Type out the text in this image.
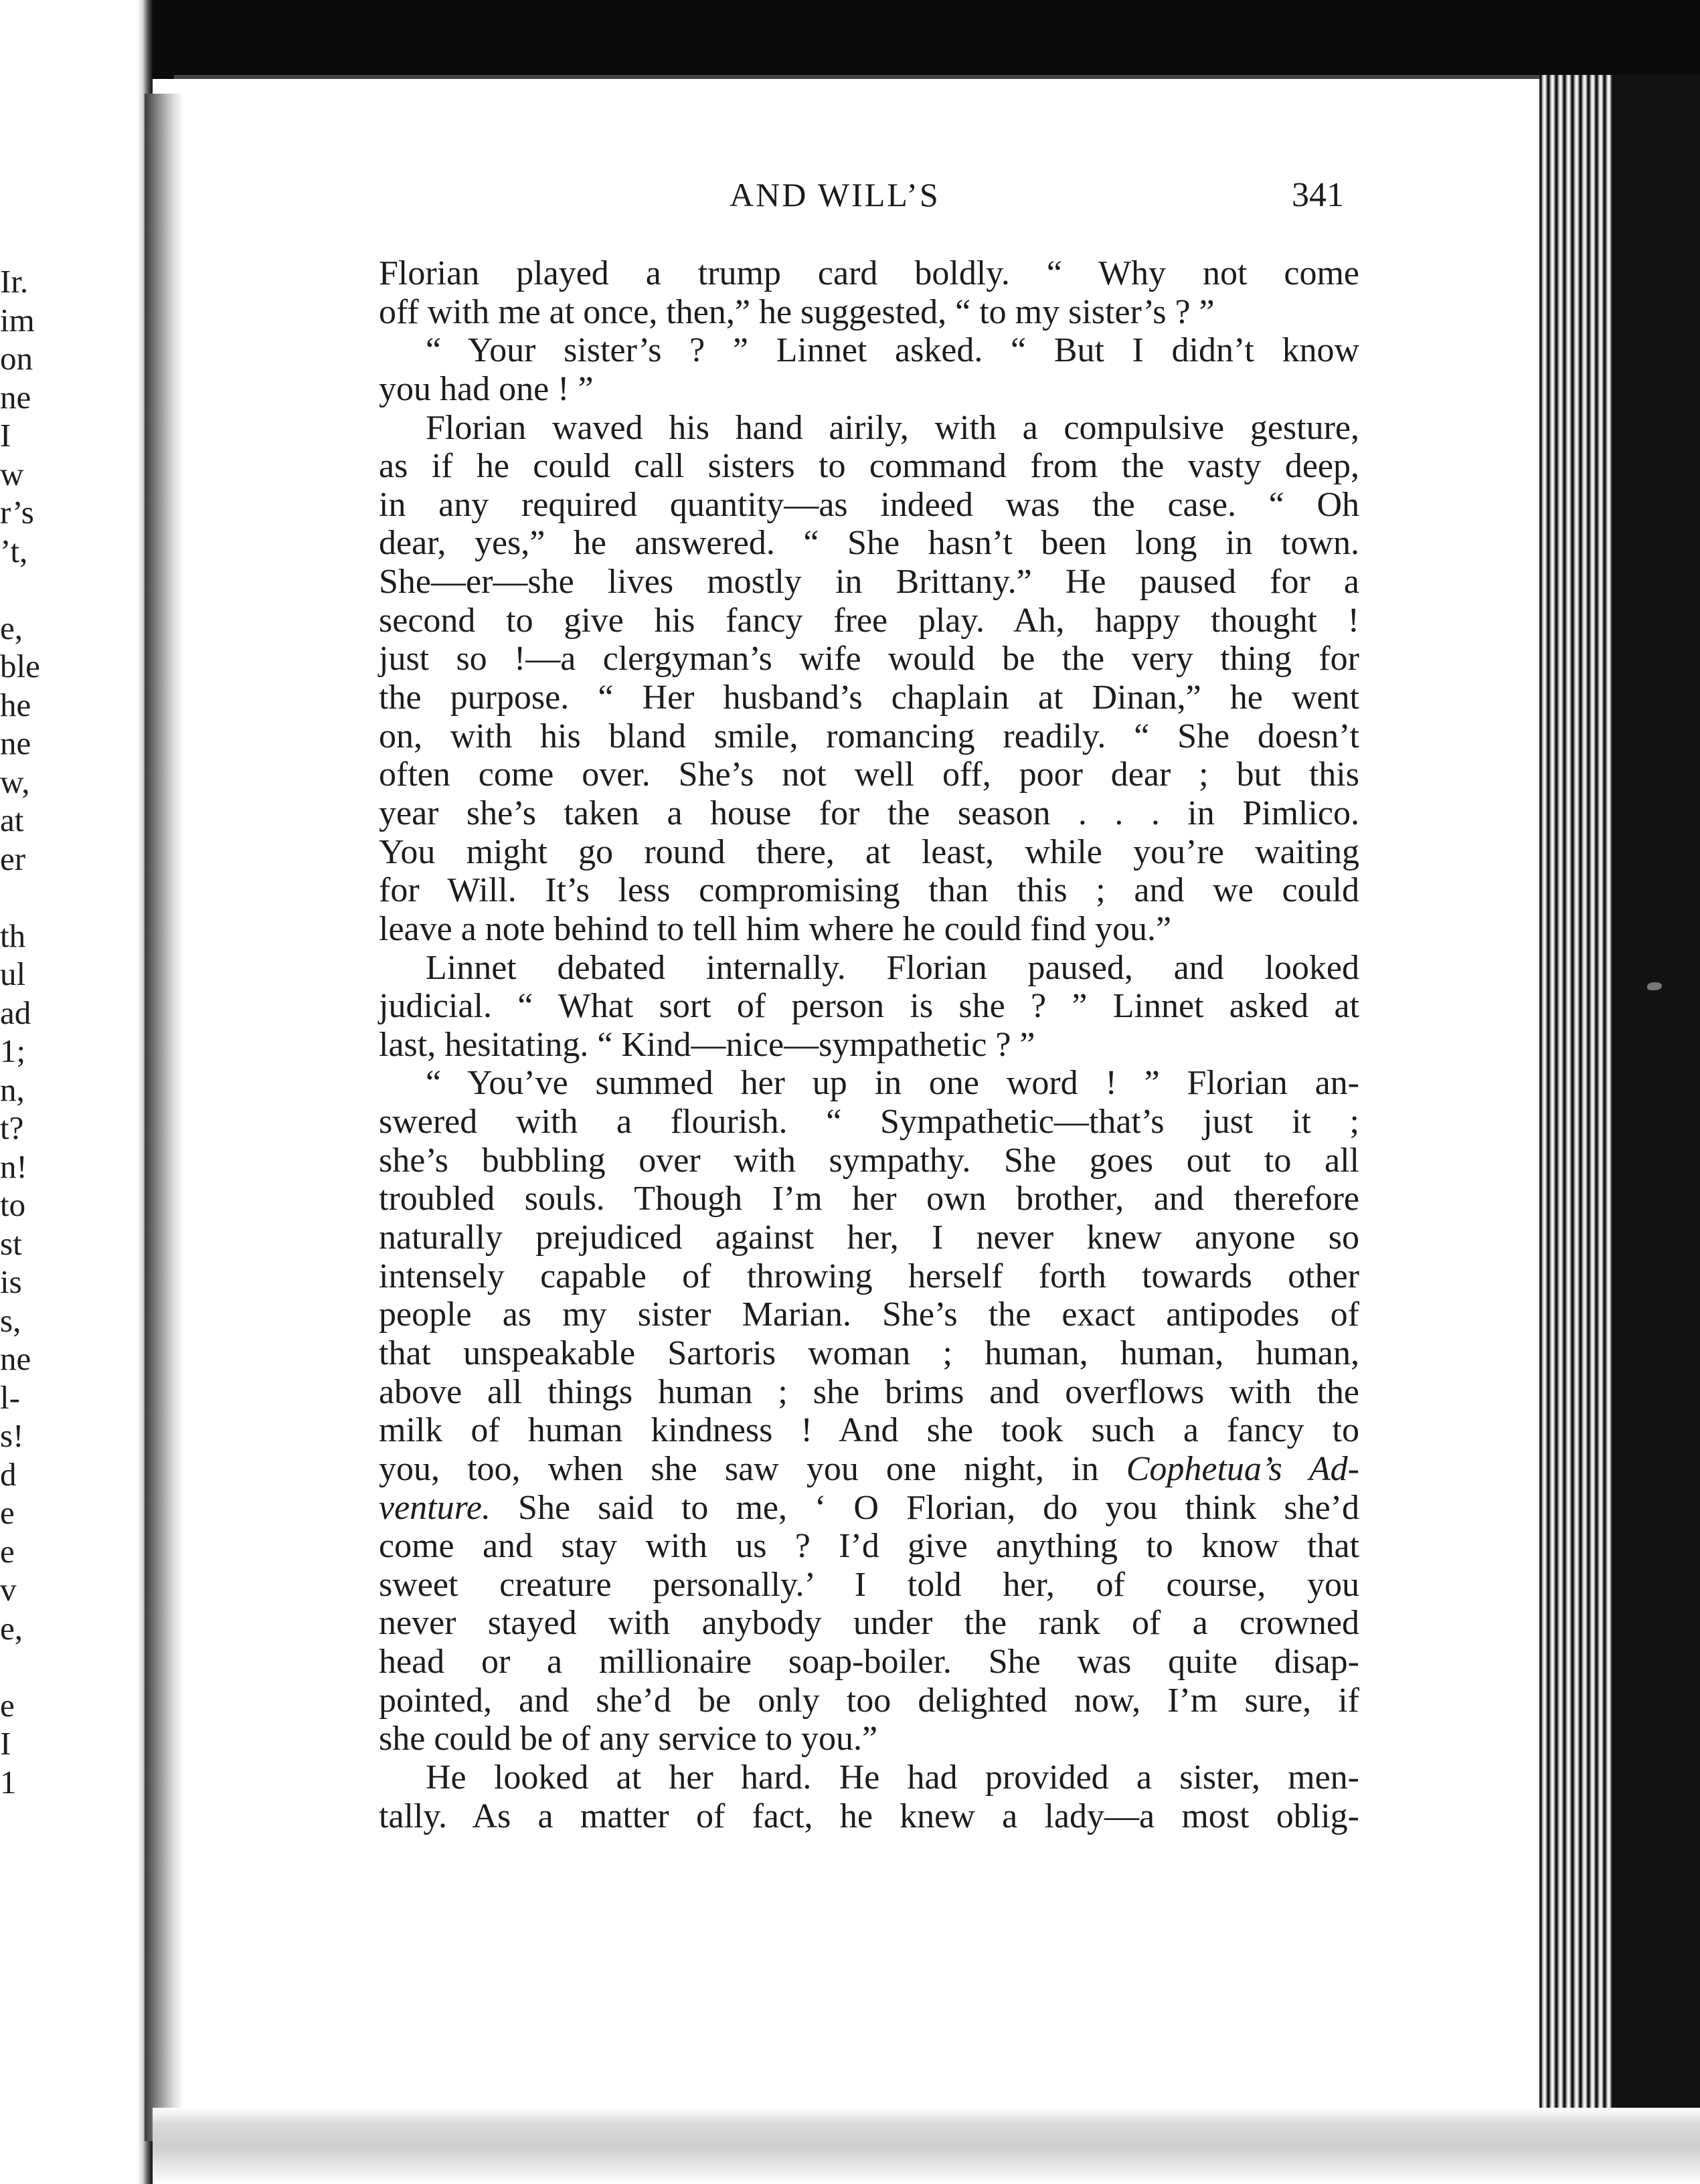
Ir.
im
on
ne
I
w
r’s
’t,
e,
ble
he
ne
w,
at
er
th
ul
ad
1;
n,
t?
n!
to
st
is
s,
ne
l-
s!
d
e
e
v
e,
e
I
1
AND WILL’S	341
Florian played a trump card boldly. “ Why not come
off with me at once, then,” he suggested, “ to my sister’s ? ”
“ Your sister’s ? ” Linnet asked. “ But I didn’t know
you had one ! ”
Florian waved his hand airily, with a compulsive gesture,
as if he could call sisters to command from the vasty deep,
in any required quantity—as indeed was the case. “ Oh
dear, yes,” he answered. “ She hasn’t been long in town.
She—er—she lives mostly in Brittany.” He paused for a
second to give his fancy free play. Ah, happy thought !
just so !—a clergyman’s wife would be the very thing for
the purpose. “ Her husband’s chaplain at Dinan,” he went
on, with his bland smile, romancing readily. “ She doesn’t
often come over. She’s not well off, poor dear ; but this
year she’s taken a house for the season . . . in Pimlico.
You might go round there, at least, while you’re waiting
for Will. It’s less compromising than this ; and we could
leave a note behind to tell him where he could find you.”
Linnet debated internally. Florian paused, and looked
judicial. “ What sort of person is she ? ” Linnet asked at
last, hesitating. “ Kind—nice—sympathetic ? ”
“ You’ve summed her up in one word ! ” Florian an-
swered with a flourish. “ Sympathetic—that’s just it ;
she’s bubbling over with sympathy. She goes out to all
troubled souls. Though I’m her own brother, and therefore
naturally prejudiced against her, I never knew anyone so
intensely capable of throwing herself forth towards other
people as my sister Marian. She’s the exact antipodes of
that unspeakable Sartoris woman ; human, human, human,
above all things human ; she brims and overflows with the
milk of human kindness ! And she took such a fancy to
you, too, when she saw you one night, in Cophetua’s Ad-
venture. She said to me, ‘ O Florian, do you think she’d
come and stay with us ? I’d give anything to know that
sweet creature personally.’ I told her, of course, you
never stayed with anybody under the rank of a crowned
head or a millionaire soap-boiler. She was quite disap-
pointed, and she’d be only too delighted now, I’m sure, if
she could be of any service to you.”
He looked at her hard. He had provided a sister, men-
tally. As a matter of fact, he knew a lady—a most oblig-
